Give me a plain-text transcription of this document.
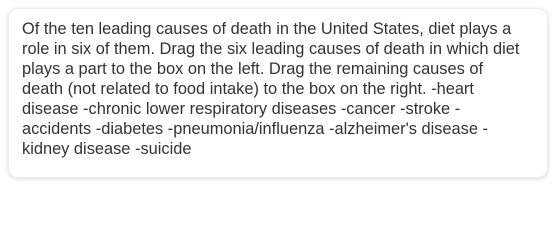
Of the ten leading causes of death in the United States, diet plays a role in six of them. Drag the six leading causes of death in which diet plays a part to the box on the left. Drag the remaining causes of death (not related to food intake) to the box on the right. -heart disease -chronic lower respiratory diseases -cancer -stroke -accidents -diabetes -pneumonia/influenza -alzheimer's disease -kidney disease -suicide
